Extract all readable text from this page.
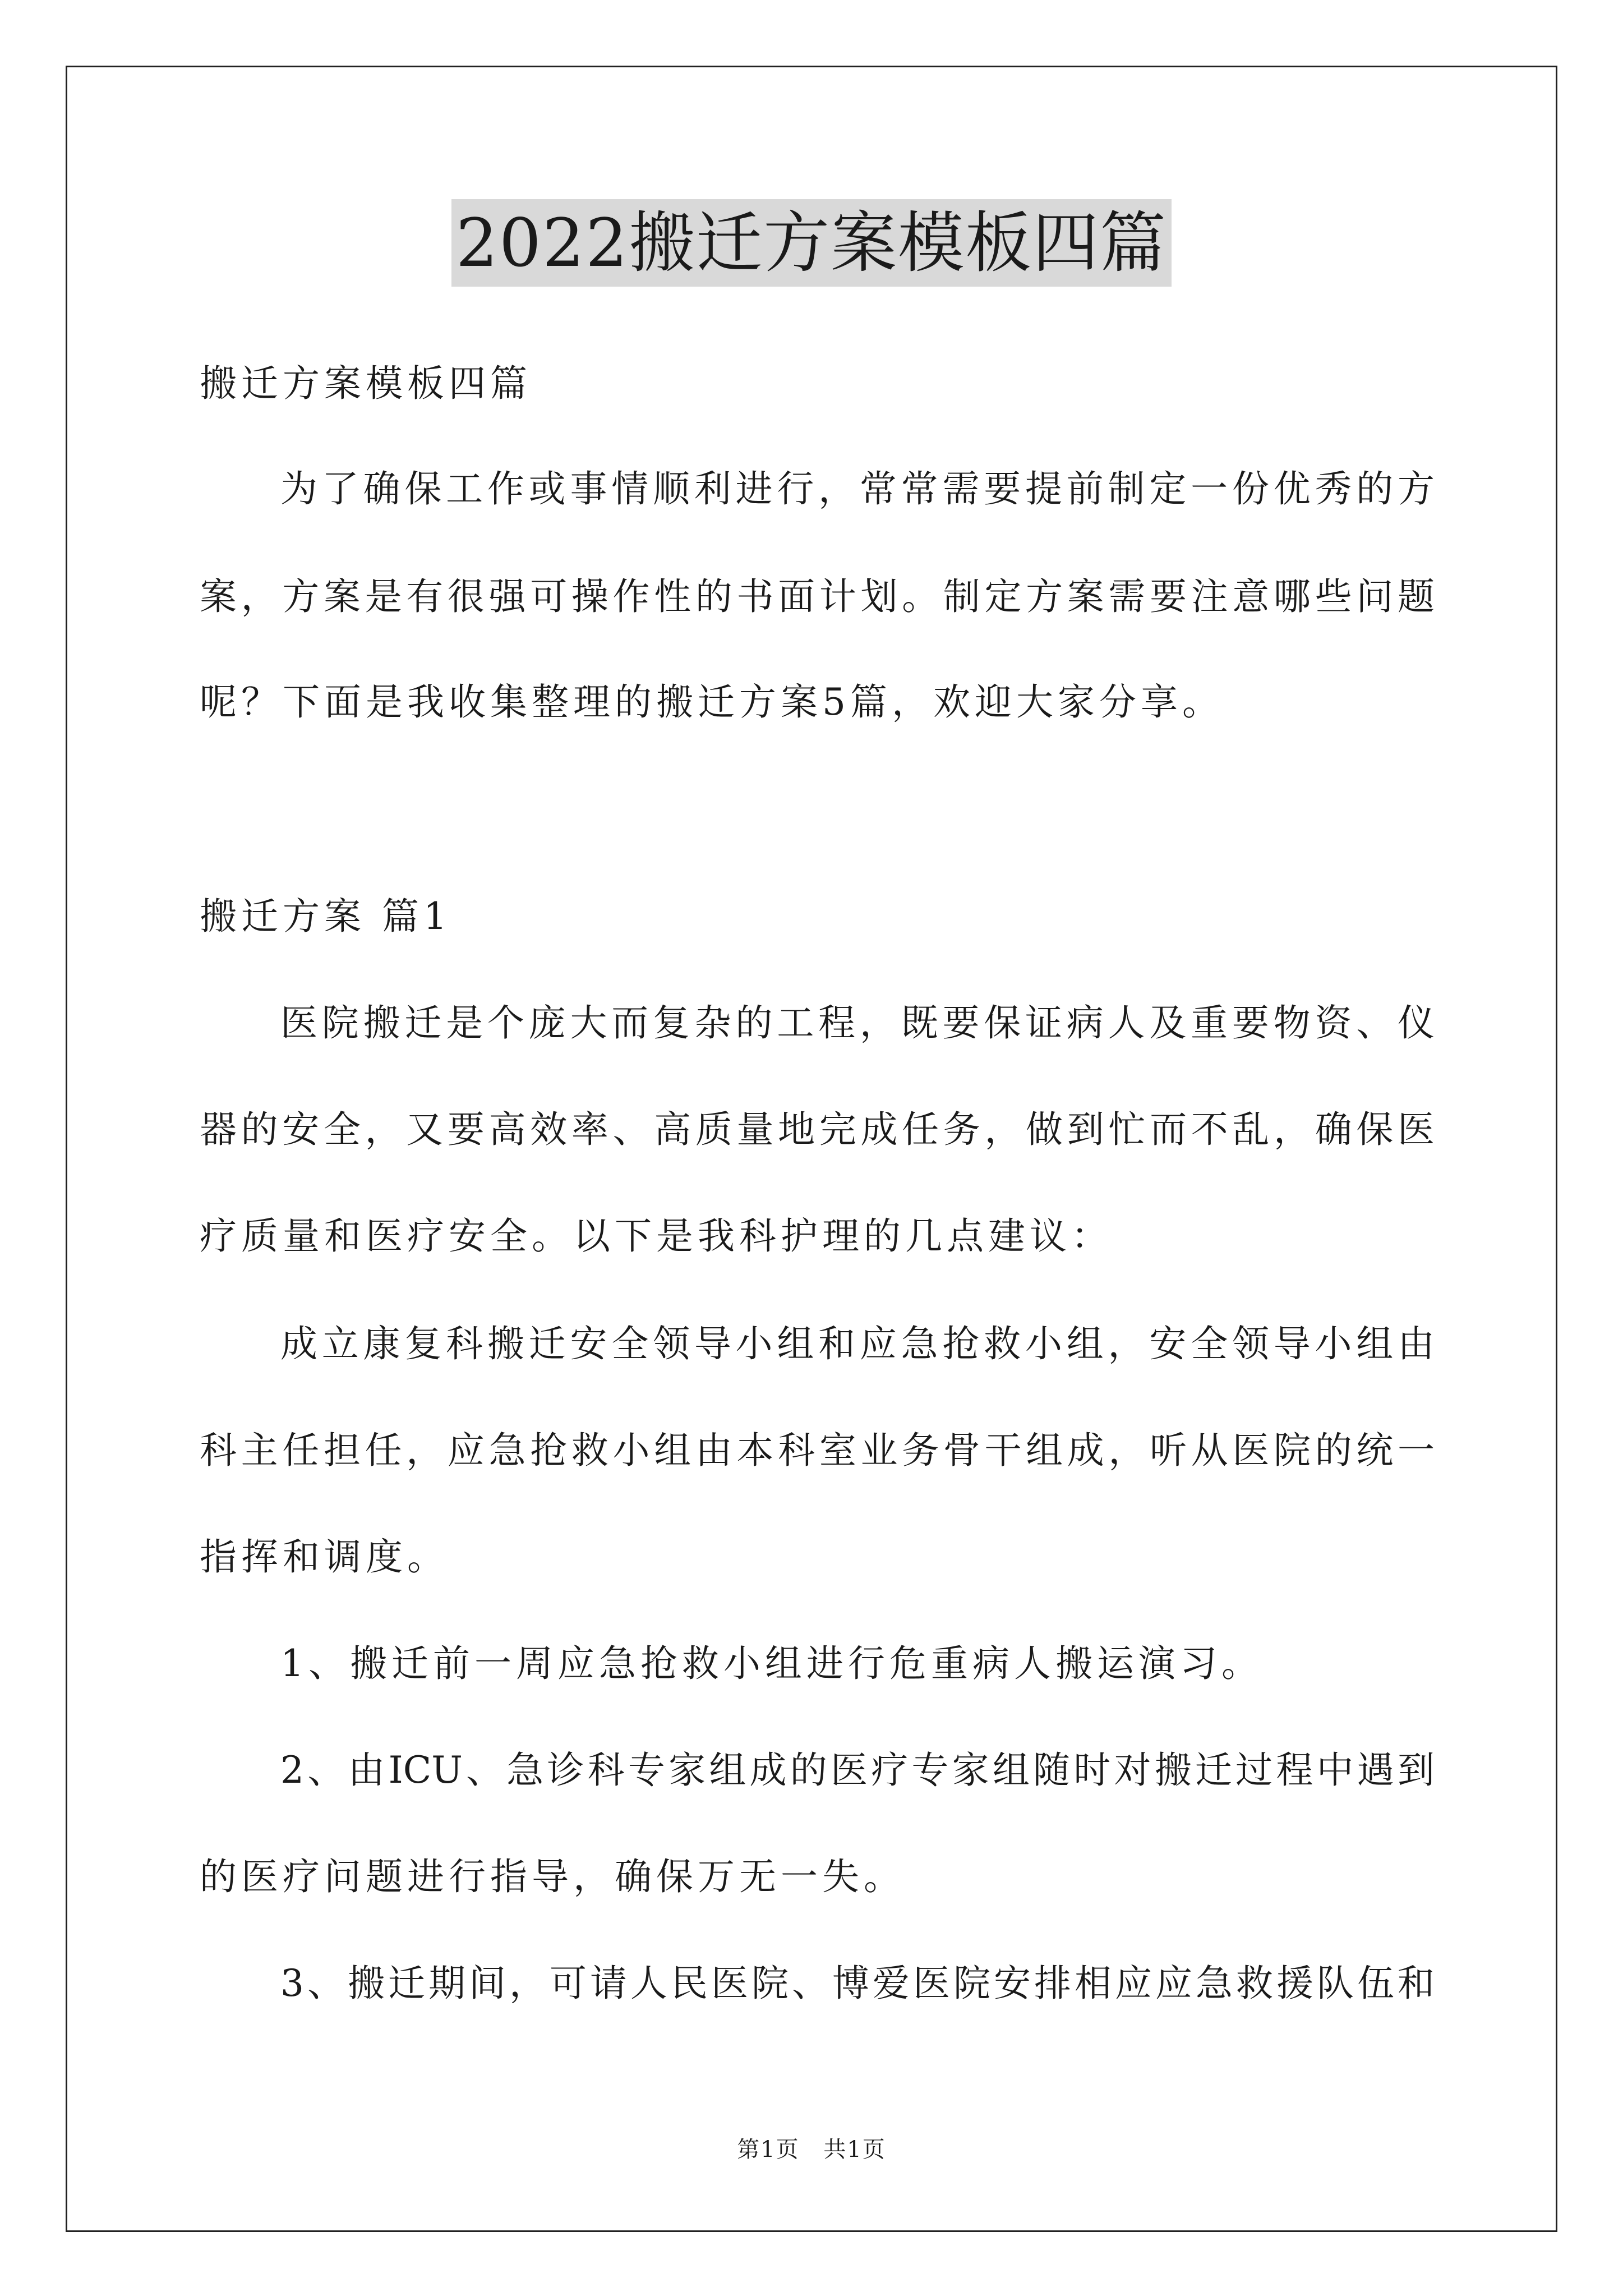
2022搬迁方案模板四篇
搬迁方案模板四篇
为了确保工作或事情顺利进行，常常需要提前制定一份优秀的方
案，方案是有很强可操作性的书面计划。制定方案需要注意哪些问题
呢？下面是我收集整理的搬迁方案5篇，欢迎大家分享。
搬迁方案 篇1
医院搬迁是个庞大而复杂的工程，既要保证病人及重要物资、仪
器的安全，又要高效率、高质量地完成任务，做到忙而不乱，确保医
疗质量和医疗安全。以下是我科护理的几点建议：
成立康复科搬迁安全领导小组和应急抢救小组，安全领导小组由
科主任担任，应急抢救小组由本科室业务骨干组成，听从医院的统一
指挥和调度。
1、搬迁前一周应急抢救小组进行危重病人搬运演习。
2、由ICU、急诊科专家组成的医疗专家组随时对搬迁过程中遇到
的医疗问题进行指导，确保万无一失。
3、搬迁期间，可请人民医院、博爱医院安排相应应急救援队伍和
第1页 共1页
